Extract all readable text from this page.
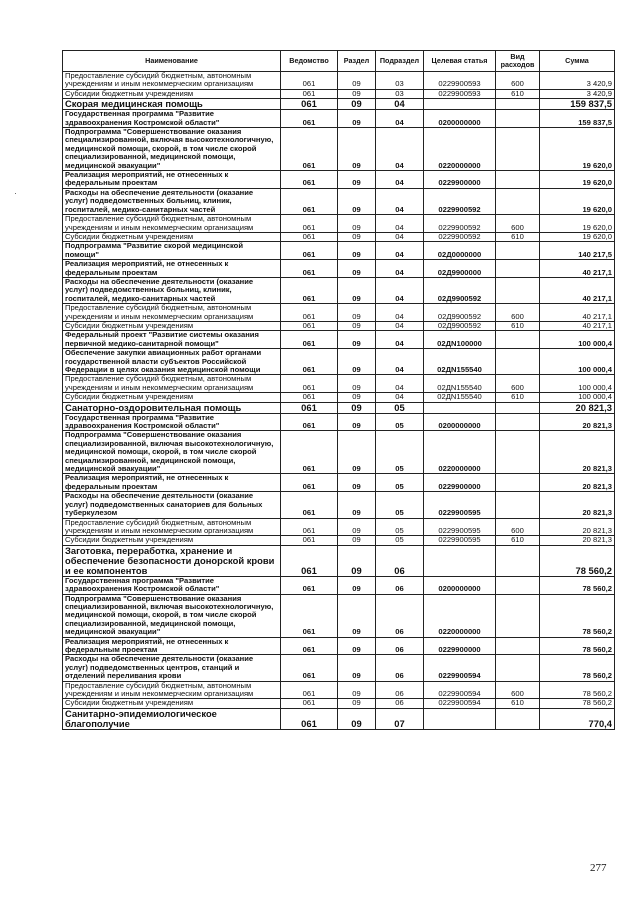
·
Наименование	Ведомство	Раздел	Подраздел	Целевая статья	Вид расходов	Сумма
Предоставление субсидий бюджетным, автономным учреждениям и иным некоммерческим организациям	061	09	03	0229900593	600	3 420,9
Субсидии бюджетным учреждениям	061	09	03	0229900593	610	3 420,9
Скорая медицинская помощь	061	09	04			159 837,5
Государственная программа "Развитие здравоохранения Костромской области"	061	09	04	0200000000		159 837,5
Подпрограмма "Совершенствование оказания специализированной, включая высокотехнологичную, медицинской помощи, скорой, в том числе скорой специализированной, медицинской помощи, медицинской эвакуации"	061	09	04	0220000000		19 620,0
Реализация мероприятий, не отнесенных к федеральным проектам	061	09	04	0229900000		19 620,0
Расходы на обеспечение деятельности (оказание услуг) подведомственных больниц, клиник, госпиталей, медико-санитарных частей	061	09	04	0229900592		19 620,0
Предоставление субсидий бюджетным, автономным учреждениям и иным некоммерческим организациям	061	09	04	0229900592	600	19 620,0
Субсидии бюджетным учреждениям	061	09	04	0229900592	610	19 620,0
Подпрограмма "Развитие скорой медицинской помощи"	061	09	04	02Д0000000		140 217,5
Реализация мероприятий, не отнесенных к федеральным проектам	061	09	04	02Д9900000		40 217,1
Расходы на обеспечение деятельности (оказание услуг) подведомственных больниц, клиник, госпиталей, медико-санитарных частей	061	09	04	02Д9900592		40 217,1
Предоставление субсидий бюджетным, автономным учреждениям и иным некоммерческим организациям	061	09	04	02Д9900592	600	40 217,1
Субсидии бюджетным учреждениям	061	09	04	02Д9900592	610	40 217,1
Федеральный проект "Развитие системы оказания первичной медико-санитарной помощи"	061	09	04	02ДN100000		100 000,4
Обеспечение закупки авиационных работ органами государственной власти субъектов Российской Федерации в целях оказания медицинской помощи	061	09	04	02ДN155540		100 000,4
Предоставление субсидий бюджетным, автономным учреждениям и иным некоммерческим организациям	061	09	04	02ДN155540	600	100 000,4
Субсидии бюджетным учреждениям	061	09	04	02ДN155540	610	100 000,4
Санаторно-оздоровительная помощь	061	09	05			20 821,3
Государственная программа "Развитие здравоохранения Костромской области"	061	09	05	0200000000		20 821,3
Подпрограмма "Совершенствование оказания специализированной, включая высокотехнологичную, медицинской помощи, скорой, в том числе скорой специализированной, медицинской помощи, медицинской эвакуации"	061	09	05	0220000000		20 821,3
Реализация мероприятий, не отнесенных к федеральным проектам	061	09	05	0229900000		20 821,3
Расходы на обеспечение деятельности (оказание услуг) подведомственных санаториев для больных туберкулезом	061	09	05	0229900595		20 821,3
Предоставление субсидий бюджетным, автономным учреждениям и иным некоммерческим организациям	061	09	05	0229900595	600	20 821,3
Субсидии бюджетным учреждениям	061	09	05	0229900595	610	20 821,3
Заготовка, переработка, хранение и обеспечение безопасности донорской крови и ее компонентов	061	09	06			78 560,2
Государственная программа "Развитие здравоохранения Костромской области"	061	09	06	0200000000		78 560,2
Подпрограмма "Совершенствование оказания специализированной, включая высокотехнологичную, медицинской помощи, скорой, в том числе скорой специализированной, медицинской помощи, медицинской эвакуации"	061	09	06	0220000000		78 560,2
Реализация мероприятий, не отнесенных к федеральным проектам	061	09	06	0229900000		78 560,2
Расходы на обеспечение деятельности (оказание услуг) подведомственных центров, станций и отделений переливания крови	061	09	06	0229900594		78 560,2
Предоставление субсидий бюджетным, автономным учреждениям и иным некоммерческим организациям	061	09	06	0229900594	600	78 560,2
Субсидии бюджетным учреждениям	061	09	06	0229900594	610	78 560,2
Санитарно-эпидемиологическое благополучие	061	09	07			770,4
277
